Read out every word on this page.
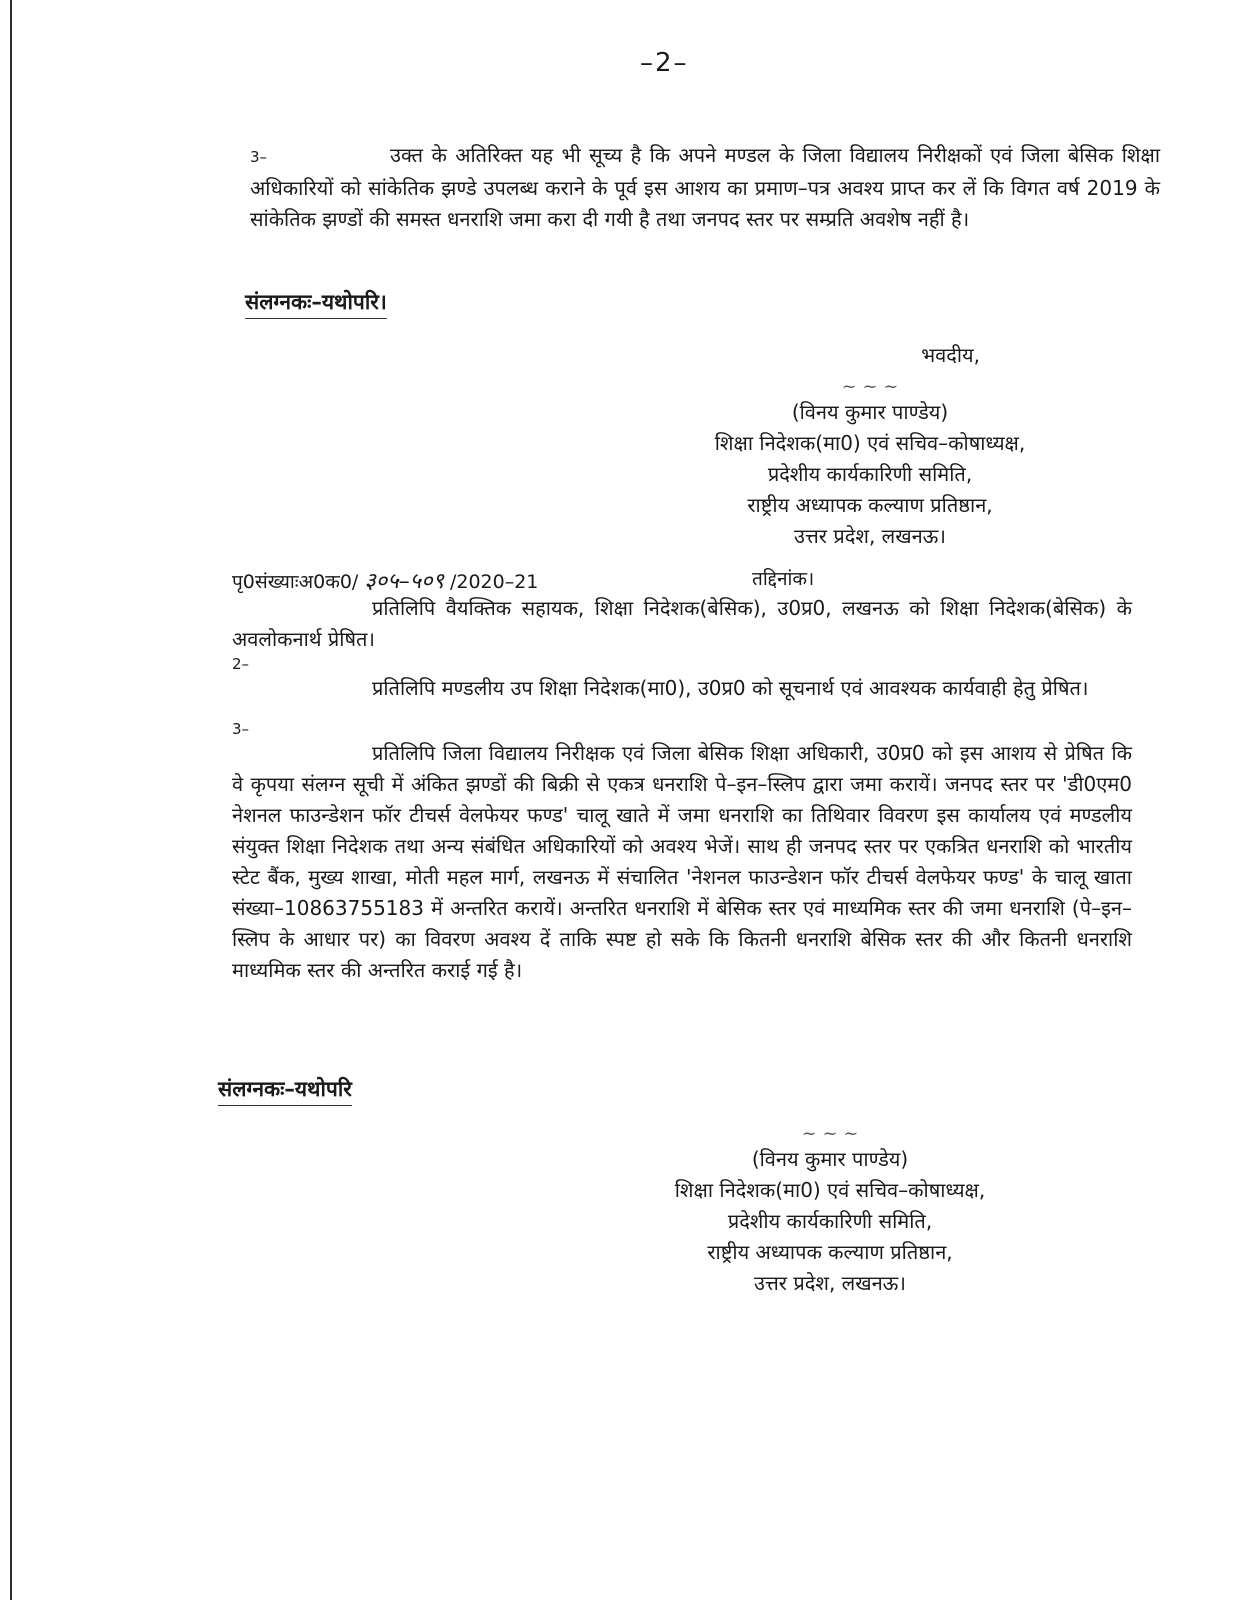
–2–
3–	उक्त के अतिरिक्त यह भी सूच्य है कि अपने मण्डल के जिला विद्यालय निरीक्षकों एवं जिला बेसिक शिक्षा अधिकारियों को सांकेतिक झण्डे उपलब्ध कराने के पूर्व इस आशय का प्रमाण–पत्र अवश्य प्राप्त कर लें कि विगत वर्ष 2019 के सांकेतिक झण्डों की समस्त धनराशि जमा करा दी गयी है तथा जनपद स्तर पर सम्प्रति अवशेष नहीं है।
संलग्नकः–यथोपरि।
भवदीय,
~ ~ ~
(विनय कुमार पाण्डेय)
शिक्षा निदेशक(मा0) एवं सचिव–कोषाध्यक्ष,
प्रदेशीय कार्यकारिणी समिति,
राष्ट्रीय अध्यापक कल्याण प्रतिष्ठान,
उत्तर प्रदेश, लखनऊ।
पृ0संख्याःअ0क0/ ३०५–५०९ /2020–21	तद्दिनांक।
प्रतिलिपि वैयक्तिक सहायक, शिक्षा निदेशक(बेसिक), उ0प्र0, लखनऊ को शिक्षा निदेशक(बेसिक) के अवलोकनार्थ प्रेषित।
2–
प्रतिलिपि मण्डलीय उप शिक्षा निदेशक(मा0), उ0प्र0 को सूचनार्थ एवं आवश्यक कार्यवाही हेतु प्रेषित।
3–
प्रतिलिपि जिला विद्यालय निरीक्षक एवं जिला बेसिक शिक्षा अधिकारी, उ0प्र0 को इस आशय से प्रेषित कि वे कृपया संलग्न सूची में अंकित झण्डों की बिक्री से एकत्र धनराशि पे–इन–स्लिप द्वारा जमा करायें। जनपद स्तर पर 'डी0एम0 नेशनल फाउन्डेशन फॉर टीचर्स वेलफेयर फण्ड' चालू खाते में जमा धनराशि का तिथिवार विवरण इस कार्यालय एवं मण्डलीय संयुक्त शिक्षा निदेशक तथा अन्य संबंधित अधिकारियों को अवश्य भेजें। साथ ही जनपद स्तर पर एकत्रित धनराशि को भारतीय स्टेट बैंक, मुख्य शाखा, मोती महल मार्ग, लखनऊ में संचालित 'नेशनल फाउन्डेशन फॉर टीचर्स वेलफेयर फण्ड' के चालू खाता संख्या–10863755183 में अन्तरित करायें। अन्तरित धनराशि में बेसिक स्तर एवं माध्यमिक स्तर की जमा धनराशि (पे–इन–स्लिप के आधार पर) का विवरण अवश्य दें ताकि स्पष्ट हो सके कि कितनी धनराशि बेसिक स्तर की और कितनी धनराशि माध्यमिक स्तर की अन्तरित कराई गई है।
संलग्नकः–यथोपरि
~ ~ ~
(विनय कुमार पाण्डेय)
शिक्षा निदेशक(मा0) एवं सचिव–कोषाध्यक्ष,
प्रदेशीय कार्यकारिणी समिति,
राष्ट्रीय अध्यापक कल्याण प्रतिष्ठान,
उत्तर प्रदेश, लखनऊ।
